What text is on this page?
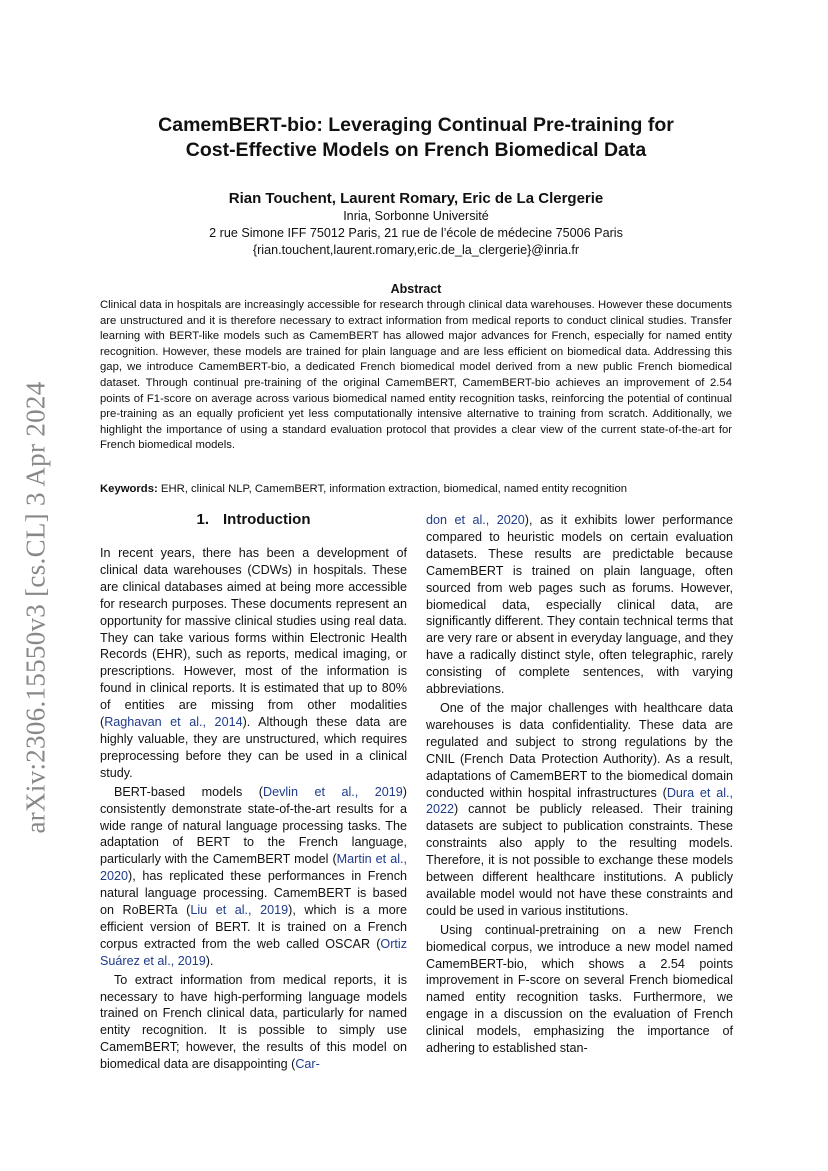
arXiv:2306.15550v3 [cs.CL] 3 Apr 2024
CamemBERT-bio: Leveraging Continual Pre-training for
Cost-Effective Models on French Biomedical Data
Rian Touchent, Laurent Romary, Eric de La Clergerie
Inria, Sorbonne Université
2 rue Simone IFF 75012 Paris, 21 rue de l’école de médecine 75006 Paris
{rian.touchent,laurent.romary,eric.de_la_clergerie}@inria.fr
Abstract
Clinical data in hospitals are increasingly accessible for research through clinical data warehouses. However these documents are unstructured and it is therefore necessary to extract information from medical reports to conduct clinical studies. Transfer learning with BERT-like models such as CamemBERT has allowed major advances for French, especially for named entity recognition. However, these models are trained for plain language and are less efficient on biomedical data. Addressing this gap, we introduce CamemBERT-bio, a dedicated French biomedical model derived from a new public French biomedical dataset. Through continual pre-training of the original CamemBERT, CamemBERT-bio achieves an improvement of 2.54 points of F1-score on average across various biomedical named entity recognition tasks, reinforcing the potential of continual pre-training as an equally proficient yet less computationally intensive alternative to training from scratch. Additionally, we highlight the importance of using a standard evaluation protocol that provides a clear view of the current state-of-the-art for French biomedical models.
Keywords: EHR, clinical NLP, CamemBERT, information extraction, biomedical, named entity recognition
1. Introduction

In recent years, there has been a development of clinical data warehouses (CDWs) in hospitals. These are clinical databases aimed at being more accessible for research purposes. These documents represent an opportunity for massive clinical studies using real data. They can take various forms within Electronic Health Records (EHR), such as reports, medical imaging, or prescriptions. However, most of the information is found in clinical reports. It is estimated that up to 80% of entities are missing from other modalities (Raghavan et al., 2014). Although these data are highly valuable, they are unstructured, which requires preprocessing before they can be used in a clinical study.

BERT-based models (Devlin et al., 2019) consistently demonstrate state-of-the-art results for a wide range of natural language processing tasks. The adaptation of BERT to the French language, particularly with the CamemBERT model (Martin et al., 2020), has replicated these performances in French natural language processing. CamemBERT is based on RoBERTa (Liu et al., 2019), which is a more efficient version of BERT. It is trained on a French corpus extracted from the web called OSCAR (Ortiz Suárez et al., 2019).

To extract information from medical reports, it is necessary to have high-performing language models trained on French clinical data, particularly for named entity recognition. It is possible to simply use CamemBERT; however, the results of this model on biomedical data are disappointing (Car-

don et al., 2020), as it exhibits lower performance compared to heuristic models on certain evaluation datasets. These results are predictable because CamemBERT is trained on plain language, often sourced from web pages such as forums. However, biomedical data, especially clinical data, are significantly different. They contain technical terms that are very rare or absent in everyday language, and they have a radically distinct style, often telegraphic, rarely consisting of complete sentences, with varying abbreviations.

One of the major challenges with healthcare data warehouses is data confidentiality. These data are regulated and subject to strong regulations by the CNIL (French Data Protection Authority). As a result, adaptations of CamemBERT to the biomedical domain conducted within hospital infrastructures (Dura et al., 2022) cannot be publicly released. Their training datasets are subject to publication constraints. These constraints also apply to the resulting models. Therefore, it is not possible to exchange these models between different healthcare institutions. A publicly available model would not have these constraints and could be used in various institutions.

Using continual-pretraining on a new French biomedical corpus, we introduce a new model named CamemBERT-bio, which shows a 2.54 points improvement in F-score on several French biomedical named entity recognition tasks. Furthermore, we engage in a discussion on the evaluation of French clinical models, emphasizing the importance of adhering to established stan-
